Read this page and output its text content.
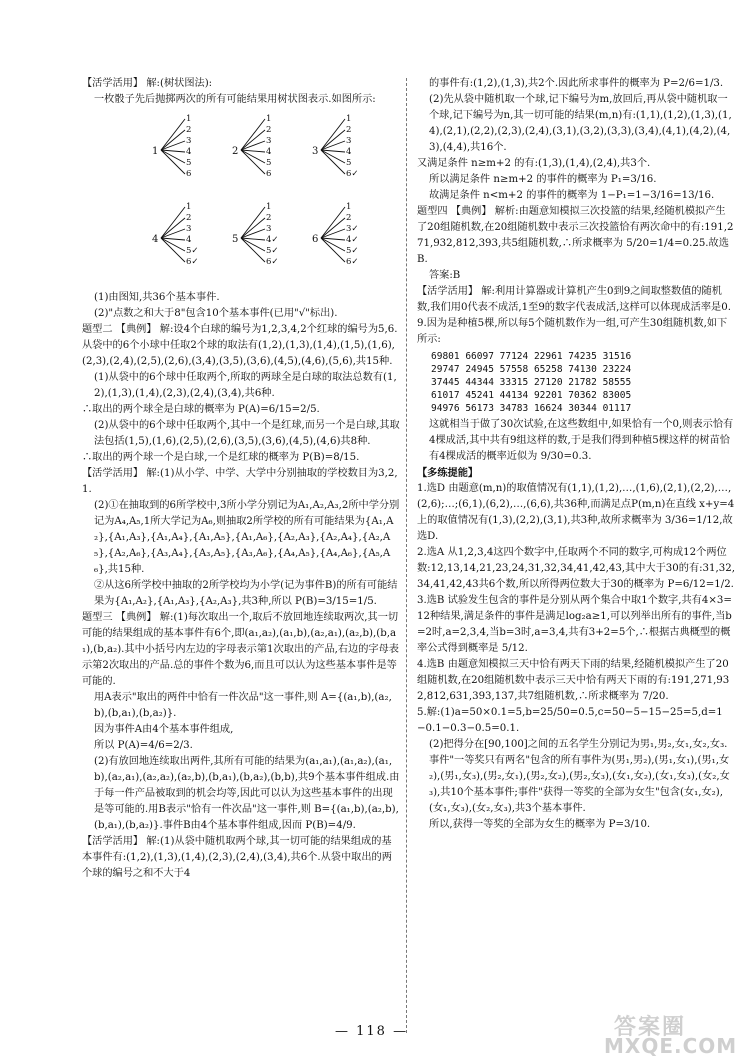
【活学活用】 解:(树状图法):

一枚骰子先后抛掷两次的所有可能结果用树状图表示.如图所示:

1
1
2
3
4
5
6
2
1
2
3
4
5
6
3
1
2
3
4
5
6✓
4
1
2
3
4
5✓
6✓
5
1
2
3
4✓
5✓
6✓
6
1
2
3✓
4✓
5✓
6✓

(1)由图知,共36个基本事件.

(2)"点数之和大于8"包含10个基本事件(已用"√"标出).

题型二 【典例】 解:设4个白球的编号为1,2,3,4,2个红球的编号为5,6.从袋中的6个小球中任取2个球的取法有(1,2),(1,3),(1,4),(1,5),(1,6),(2,3),(2,4),(2,5),(2,6),(3,4),(3,5),(3,6),(4,5),(4,6),(5,6),共15种.

(1)从袋中的6个球中任取两个,所取的两球全是白球的取法总数有(1,2),(1,3),(1,4),(2,3),(2,4),(3,4),共6种.

∴取出的两个球全是白球的概率为 P(A)=6/15=2/5.

(2)从袋中的6个球中任取两个,其中一个是红球,而另一个是白球,其取法包括(1,5),(1,6),(2,5),(2,6),(3,5),(3,6),(4,5),(4,6)共8种.

∴取出的两个球一个是白球,一个是红球的概率为 P(B)=8/15.

【活学活用】 解:(1)从小学、中学、大学中分别抽取的学校数目为3,2,1.

(2)①在抽取到的6所学校中,3所小学分别记为A₁,A₂,A₃,2所中学分别记为A₄,A₅,1所大学记为A₆,则抽取2所学校的所有可能结果为{A₁,A₂},{A₁,A₃},{A₁,A₄},{A₁,A₅},{A₁,A₆},{A₂,A₃},{A₂,A₄},{A₂,A₅},{A₂,A₆},{A₃,A₄},{A₃,A₅},{A₃,A₆},{A₄,A₅},{A₄,A₆},{A₅,A₆},共15种.

②从这6所学校中抽取的2所学校均为小学(记为事件B)的所有可能结果为{A₁,A₂},{A₁,A₃},{A₂,A₃},共3种,所以 P(B)=3/15=1/5.

题型三 【典例】 解:(1)每次取出一个,取后不放回地连续取两次,其一切可能的结果组成的基本事件有6个,即(a₁,a₂),(a₁,b),(a₂,a₁),(a₂,b),(b,a₁),(b,a₂).其中小括号内左边的字母表示第1次取出的产品,右边的字母表示第2次取出的产品.总的事件个数为6,而且可以认为这些基本事件是等可能的.

用A表示"取出的两件中恰有一件次品"这一事件,则 A={(a₁,b),(a₂,b),(b,a₁),(b,a₂)}.

因为事件A由4个基本事件组成,

所以 P(A)=4/6=2/3.

(2)有放回地连续取出两件,其所有可能的结果为(a₁,a₁),(a₁,a₂),(a₁,b),(a₂,a₁),(a₂,a₂),(a₂,b),(b,a₁),(b,a₂),(b,b),共9个基本事件组成.由于每一件产品被取到的机会均等,因此可以认为这些基本事件的出现是等可能的.用B表示"恰有一件次品"这一事件,则 B={(a₁,b),(a₂,b),(b,a₁),(b,a₂)}.事件B由4个基本事件组成,因而 P(B)=4/9.

【活学活用】 解:(1)从袋中随机取两个球,其一切可能的结果组成的基本事件有:(1,2),(1,3),(1,4),(2,3),(2,4),(3,4),共6个.从袋中取出的两个球的编号之和不大于4

的事件有:(1,2),(1,3),共2个.因此所求事件的概率为 P=2/6=1/3.

(2)先从袋中随机取一个球,记下编号为m,放回后,再从袋中随机取一个球,记下编号为n,其一切可能的结果(m,n)有:(1,1),(1,2),(1,3),(1,4),(2,1),(2,2),(2,3),(2,4),(3,1),(3,2),(3,3),(3,4),(4,1),(4,2),(4,3),(4,4),共16个.

又满足条件 n≥m+2 的有:(1,3),(1,4),(2,4),共3个.

所以满足条件 n≥m+2 的事件的概率为 P₁=3/16.

故满足条件 n<m+2 的事件的概率为 1−P₁=1−3/16=13/16.

题型四 【典例】 解析:由题意知模拟三次投篮的结果,经随机模拟产生了20组随机数,在20组随机数中表示三次投篮恰有两次命中的有:191,271,932,812,393,共5组随机数,∴所求概率为 5/20=1/4=0.25.故选B.

答案:B

【活学活用】 解:利用计算器或计算机产生0到9之间取整数值的随机数,我们用0代表不成活,1至9的数字代表成活,这样可以体现成活率是0.9.因为是种植5棵,所以每5个随机数作为一组,可产生30组随机数,如下所示:

69801 66097 77124 22961 74235 31516
29747 24945 57558 65258 74130 23224
37445 44344 33315 27120 21782 58555
61017 45241 44134 92201 70362 83005
94976 56173 34783 16624 30344 01117

这就相当于做了30次试验,在这些数组中,如果恰有一个0,则表示恰有4棵成活,其中共有9组这样的数,于是我们得到种植5棵这样的树苗恰有4棵成活的概率近似为 9/30=0.3.

【多练提能】

1.选D 由题意(m,n)的取值情况有(1,1),(1,2),…,(1,6),(2,1),(2,2),…,(2,6);…;(6,1),(6,2),…,(6,6),共36种,而满足点P(m,n)在直线 x+y=4 上的取值情况有(1,3),(2,2),(3,1),共3种,故所求概率为 3/36=1/12,故选D.

2.选A 从1,2,3,4这四个数字中,任取两个不同的数字,可构成12个两位数:12,13,14,21,23,24,31,32,34,41,42,43,其中大于30的有:31,32,34,41,42,43共6个数,所以所得两位数大于30的概率为 P=6/12=1/2.

3.选B 试验发生包含的事件是分别从两个集合中取1个数字,共有4×3=12种结果,满足条件的事件是满足log₂a≥1,可以列举出所有的事件,当b=2时,a=2,3,4,当b=3时,a=3,4,共有3+2=5个,∴根据古典概型的概率公式得到概率是 5/12.

4.选B 由题意知模拟三天中恰有两天下雨的结果,经随机模拟产生了20组随机数,在20组随机数中表示三天中恰有两天下雨的有:191,271,932,812,631,393,137,共7组随机数,∴所求概率为 7/20.

5.解:(1)a=50×0.1=5,b=25/50=0.5,c=50−5−15−25=5,d=1−0.1−0.3−0.5=0.1.

(2)把得分在[90,100]之间的五名学生分别记为男₁,男₂,女₁,女₂,女₃.

事件"一等奖只有两名"包含的所有事件为(男₁,男₂),(男₁,女₁),(男₁,女₂),(男₁,女₃),(男₂,女₁),(男₂,女₂),(男₂,女₃),(女₁,女₂),(女₁,女₃),(女₂,女₃),共10个基本事件;事件"获得一等奖的全部为女生"包含(女₁,女₂),(女₁,女₃),(女₂,女₃),共3个基本事件.

所以,获得一等奖的全部为女生的概率为 P=3/10.

— 118 —	答案圈
MXQE.COM
